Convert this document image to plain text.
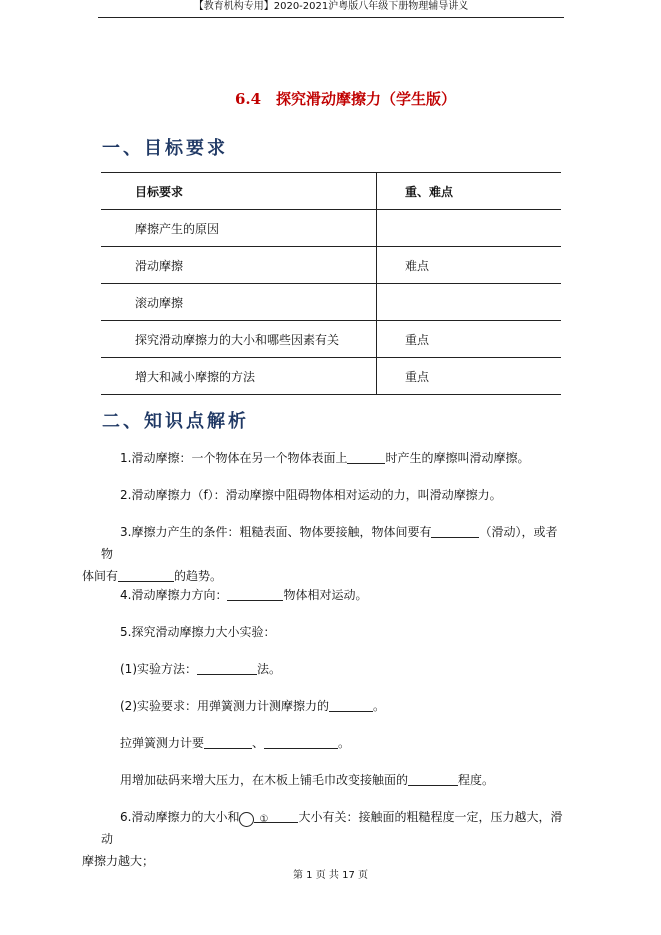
【教育机构专用】2020-2021沪粤版八年级下册物理辅导讲义
6.4　探究滑动摩擦力（学生版）
一、目标要求
目标要求	重、难点
摩擦产生的原因	
滑动摩擦	难点
滚动摩擦	
探究滑动摩擦力的大小和哪些因素有关	重点
增大和减小摩擦的方法	重点
二、知识点解析
1.滑动摩擦：一个物体在另一个物体表面上	时产生的摩擦叫滑动摩擦。
2.滑动摩擦力（f）：滑动摩擦中阻碍物体相对运动的力，叫滑动摩擦力。
3.摩擦力产生的条件：粗糙表面、物体要接触，物体间要有	（滑动），或者物
体间有	的趋势。
4.滑动摩擦力方向：	物体相对运动。
5.探究滑动摩擦力大小实验：
(1)实验方法：	法。
(2)实验要求：用弹簧测力计测摩擦力的	。
拉弹簧测力计要	、	。
用增加砝码来增大压力，在木板上铺毛巾改变接触面的	程度。
6.滑动摩擦力的大小和 ①	大小有关：接触面的粗糙程度一定，压力越大，滑动
摩擦力越大；
第 1 页 共 17 页
